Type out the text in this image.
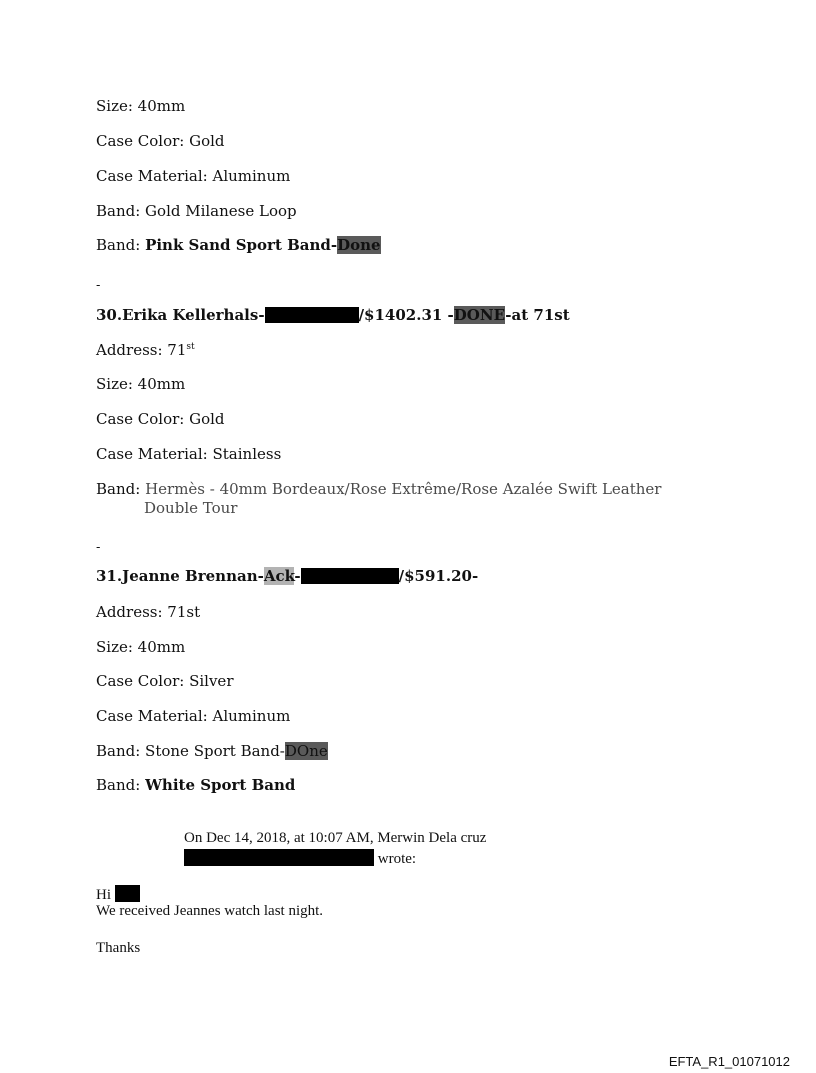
Size: 40mm
Case Color: Gold
Case Material: Aluminum
Band: Gold Milanese Loop
Band: Pink Sand Sport Band-Done
-
30.Erika Kellerhals-	/$1402.31 -DONE-at 71st
Address: 71st
Size: 40mm
Case Color: Gold
Case Material: Stainless
Band: Hermès - 40mm Bordeaux/Rose Extrême/Rose Azalée Swift Leather
Double Tour
-
31.Jeanne Brennan-Ack-	/$591.20-
Address: 71st
Size: 40mm
Case Color: Silver
Case Material: Aluminum
Band: Stone Sport Band-DOne
Band: White Sport Band
On Dec 14, 2018, at 10:07 AM, Merwin Dela cruz
wrote:
Hi
We received Jeannes watch last night.
Thanks
EFTA_R1_01071012
